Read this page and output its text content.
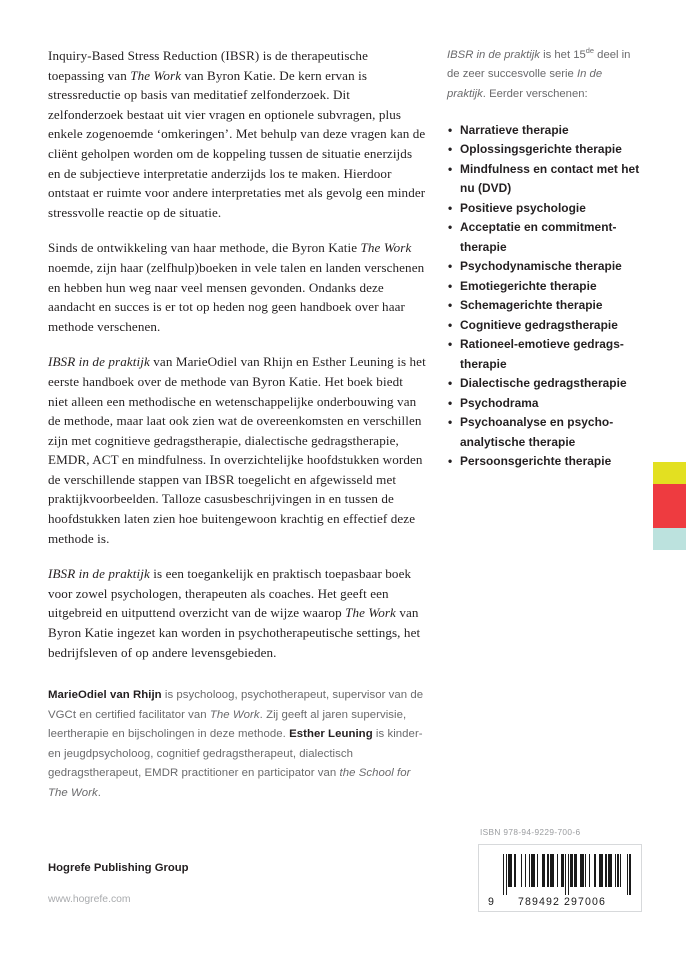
Inquiry-Based Stress Reduction (IBSR) is de therapeutische toepassing van The Work van Byron Katie. De kern ervan is stressreductie op basis van meditatief zelfonderzoek. Dit zelfonderzoek bestaat uit vier vragen en optionele subvragen, plus enkele zogenoemde ‘omkeringen’. Met behulp van deze vragen kan de cliënt geholpen worden om de koppeling tussen de situatie enerzijds en de subjectieve interpretatie anderzijds los te maken. Hierdoor ontstaat er ruimte voor andere interpretaties met als gevolg een minder stressvolle reactie op de situatie.

Sinds de ontwikkeling van haar methode, die Byron Katie The Work noemde, zijn haar (zelfhulp)boeken in vele talen en landen verschenen en hebben hun weg naar veel mensen gevonden. Ondanks deze aandacht en succes is er tot op heden nog geen handboek over haar methode verschenen.

IBSR in de praktijk van MarieOdiel van Rhijn en Esther Leuning is het eerste handboek over de methode van Byron Katie. Het boek biedt niet alleen een methodische en wetenschappelijke onderbouwing van de methode, maar laat ook zien wat de overeenkomsten en verschillen zijn met cognitieve gedragstherapie, dialectische gedragstherapie, EMDR, ACT en mindfulness. In overzichtelijke hoofdstukken worden de verschillende stappen van IBSR toegelicht en afgewisseld met praktijkvoorbeelden. Talloze casusbeschrijvingen in en tussen de hoofdstukken laten zien hoe buitengewoon krachtig en effectief deze methode is.

IBSR in de praktijk is een toegankelijk en praktisch toepasbaar boek voor zowel psychologen, therapeuten als coaches. Het geeft een uitgebreid en uitputtend overzicht van de wijze waarop The Work van Byron Katie ingezet kan worden in psychotherapeutische settings, het bedrijfsleven of op andere levensgebieden.

MarieOdiel van Rhijn is psycholoog, psychotherapeut, supervisor van de VGCt en certified facilitator van The Work. Zij geeft al jaren supervisie, leertherapie en bijscholingen in deze methode. Esther Leuning is kinder- en jeugdpsycholoog, cognitief gedragstherapeut, dialectisch gedragstherapeut, EMDR practitioner en participator van the School for The Work.

IBSR in de praktijk is het 15de deel in de zeer succesvolle serie In de praktijk. Eerder verschenen:

• Narratieve therapie
• Oplossingsgerichte therapie
• Mindfulness en contact met het nu (DVD)
• Positieve psychologie
• Acceptatie en commitment-therapie
• Psychodynamische therapie
• Emotiegerichte therapie
• Schemagerichte therapie
• Cognitieve gedragstherapie
• Rationeel-emotieve gedrags-therapie
• Dialectische gedragstherapie
• Psychodrama
• Psychoanalyse en psycho-analytische therapie
• Persoonsgerichte therapie

Hogrefe Publishing Group

www.hogrefe.com

ISBN 978-94-9229-700-6

9 789492 297006
